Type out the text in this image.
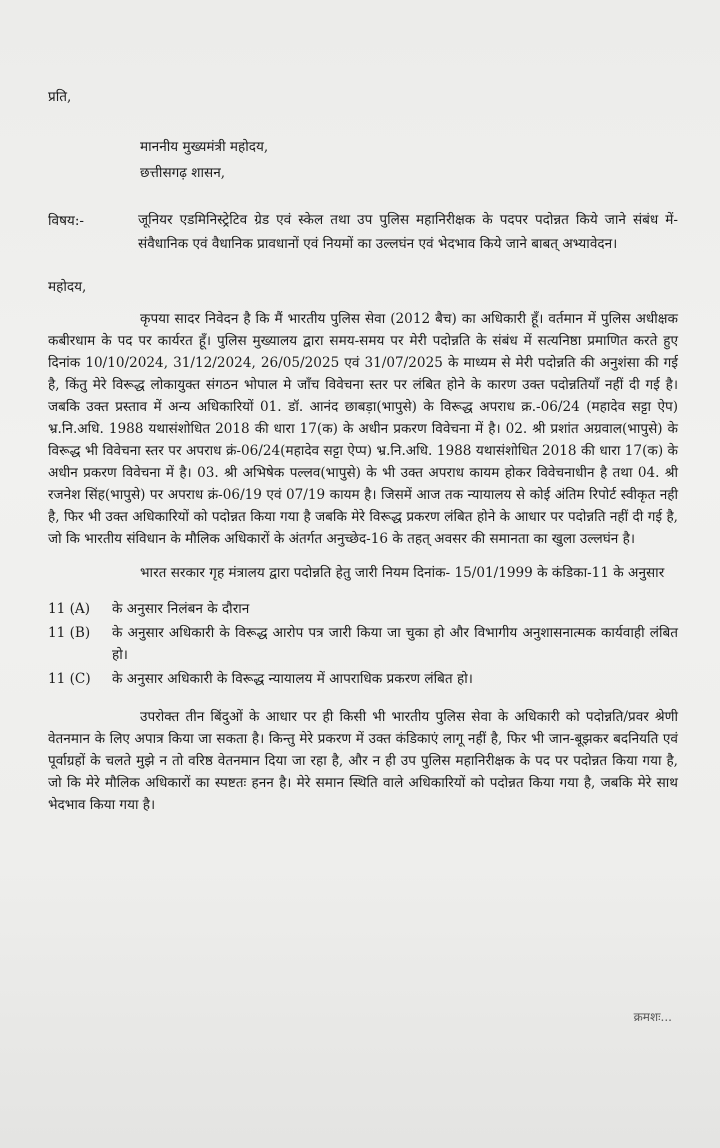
प्रति,
माननीय मुख्यमंत्री महोदय,
छत्तीसगढ़ शासन,
विषय:-	जूनियर एडमिनिस्ट्रेटिव ग्रेड एवं स्केल तथा उप पुलिस महानिरीक्षक के पदपर पदोन्नत किये जाने संबंध में- संवैधानिक एवं वैधानिक प्रावधानों एवं नियमों का उल्लघंन एवं भेदभाव किये जाने बाबत् अभ्यावेदन।
महोदय,

कृपया सादर निवेदन है कि मैं भारतीय पुलिस सेवा (2012 बैच) का अधिकारी हूँ। वर्तमान में पुलिस अधीक्षक कबीरधाम के पद पर कार्यरत हूँ। पुलिस मुख्यालय द्वारा समय-समय पर मेरी पदोन्नति के संबंध में सत्यनिष्ठा प्रमाणित करते हुए दिनांक 10/10/2024, 31/12/2024, 26/05/2025 एवं 31/07/2025 के माध्यम से मेरी पदोन्नति की अनुशंसा की गई है, किंतु मेरे विरूद्ध लोकायुक्त संगठन भोपाल मे जाँच विवेचना स्तर पर लंबित होने के कारण उक्त पदोन्नतियाँ नहीं दी गई है। जबकि उक्त प्रस्ताव में अन्य अधिकारियों 01. डॉ. आनंद छाबड़ा(भापुसे) के विरूद्ध अपराध क्र.-06/24 (महादेव सट्टा ऐप) भ्र.नि.अधि. 1988 यथासंशोधित 2018 की धारा 17(क) के अधीन प्रकरण विवेचना में है। 02. श्री प्रशांत अग्रवाल(भापुसे) के विरूद्ध भी विवेचना स्तर पर अपराध क्रं-06/24(महादेव सट्टा ऐप्प) भ्र.नि.अधि. 1988 यथासंशोधित 2018 की धारा 17(क) के अधीन प्रकरण विवेचना में है। 03. श्री अभिषेक पल्लव(भापुसे) के भी उक्त अपराध कायम होकर विवेचनाधीन है तथा 04. श्री रजनेश सिंह(भापुसे) पर अपराध क्रं-06/19 एवं 07/19 कायम है। जिसमें आज तक न्यायालय से कोई अंतिम रिपोर्ट स्वीकृत नही है, फिर भी उक्त अधिकारियों को पदोन्नत किया गया है जबकि मेरे विरूद्ध प्रकरण लंबित होने के आधार पर पदोन्नति नहीं दी गई है, जो कि भारतीय संविधान के मौलिक अधिकारों के अंतर्गत अनुच्छेद-16 के तहत् अवसर की समानता का खुला उल्लघंन है।

भारत सरकार गृह मंत्रालय द्वारा पदोन्नति हेतु जारी नियम दिनांक- 15/01/1999 के कंडिका-11 के अनुसार

11 (A)	के अनुसार निलंबन के दौरान
11 (B)	के अनुसार अधिकारी के विरूद्ध आरोप पत्र जारी किया जा चुका हो और विभागीय अनुशासनात्मक कार्यवाही लंबित हो।
11 (C)	के अनुसार अधिकारी के विरूद्ध न्यायालय में आपराधिक प्रकरण लंबित हो।

उपरोक्त तीन बिंदुओं के आधार पर ही किसी भी भारतीय पुलिस सेवा के अधिकारी को पदोन्नति/प्रवर श्रेणी वेतनमान के लिए अपात्र किया जा सकता है। किन्तु मेरे प्रकरण में उक्त कंडिकाएं लागू नहीं है, फिर भी जान-बूझकर बदनियति एवं पूर्वाग्रहों के चलते मुझे न तो वरिष्ठ वेतनमान दिया जा रहा है, और न ही उप पुलिस महानिरीक्षक के पद पर पदोन्नत किया गया है, जो कि मेरे मौलिक अधिकारों का स्पष्टतः हनन है। मेरे समान स्थिति वाले अधिकारियों को पदोन्नत किया गया है, जबकि मेरे साथ भेदभाव किया गया है।

क्रमशः...
